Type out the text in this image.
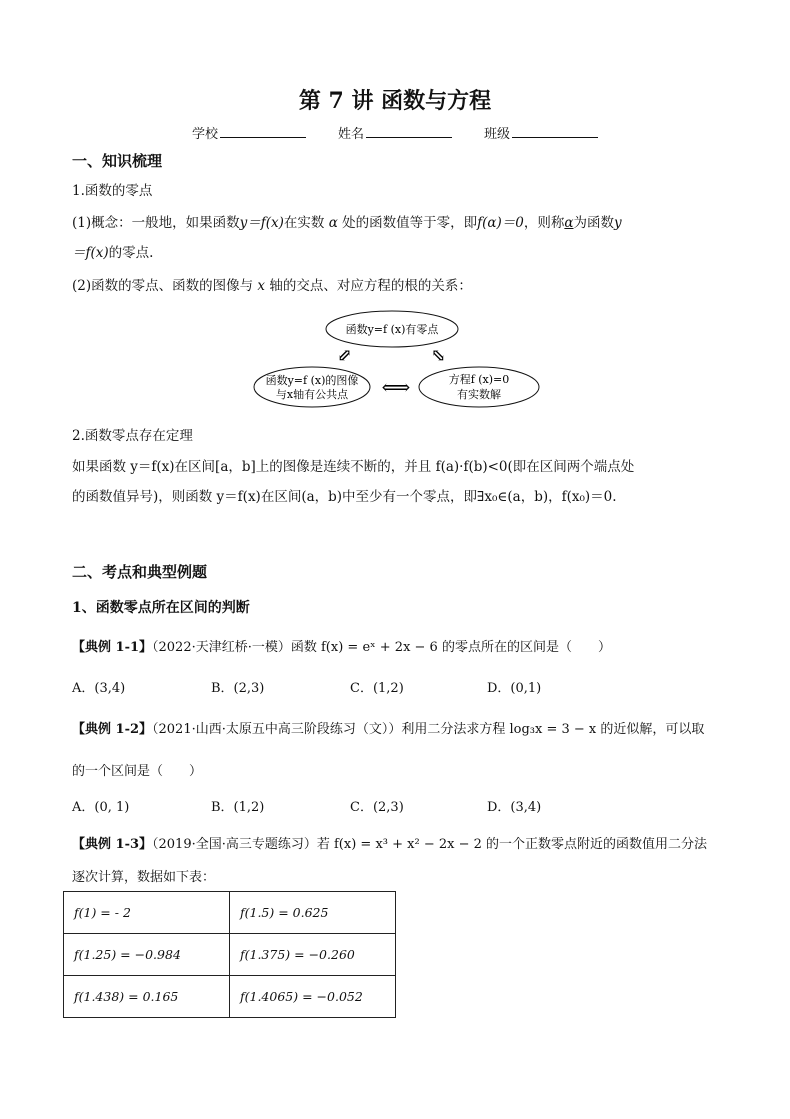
第 7 讲 函数与方程
学校	姓名	班级
一、知识梳理
1.函数的零点
(1)概念：一般地，如果函数y＝f(x)在实数 α 处的函数值等于零，即f(α)＝0，则称α为函数y
＝f(x)的零点.
(2)函数的零点、函数的图像与 x 轴的交点、对应方程的根的关系：
函数y=f (x)有零点
函数y=f (x)的图像
与x轴有公共点
方程f (x)=0
有实数解
⟺
⇕	⇕
2.函数零点存在定理
如果函数 y＝f(x)在区间[a，b]上的图像是连续不断的，并且 f(a)·f(b)<0(即在区间两个端点处
的函数值异号)，则函数 y＝f(x)在区间(a，b)中至少有一个零点，即∃x₀∈(a，b)，f(x₀)＝0.
二、考点和典型例题
1、函数零点所在区间的判断
【典例 1-1】（2022·天津红桥·一模）函数 f(x) = eˣ + 2x − 6 的零点所在的区间是（　　）
A．(3,4)	B．(2,3)	C．(1,2)	D．(0,1)
【典例 1-2】（2021·山西·太原五中高三阶段练习（文））利用二分法求方程 log₃x = 3 − x 的近似解，可以取
的一个区间是（　　）
A．(0, 1)	B．(1,2)	C．(2,3)	D．(3,4)
【典例 1-3】（2019·全国·高三专题练习）若 f(x) = x³ + x² − 2x − 2 的一个正数零点附近的函数值用二分法
逐次计算，数据如下表：
f(1) = - 2	f(1.5) = 0.625
f(1.25) = −0.984	f(1.375) = −0.260
f(1.438) = 0.165	f(1.4065) = −0.052
